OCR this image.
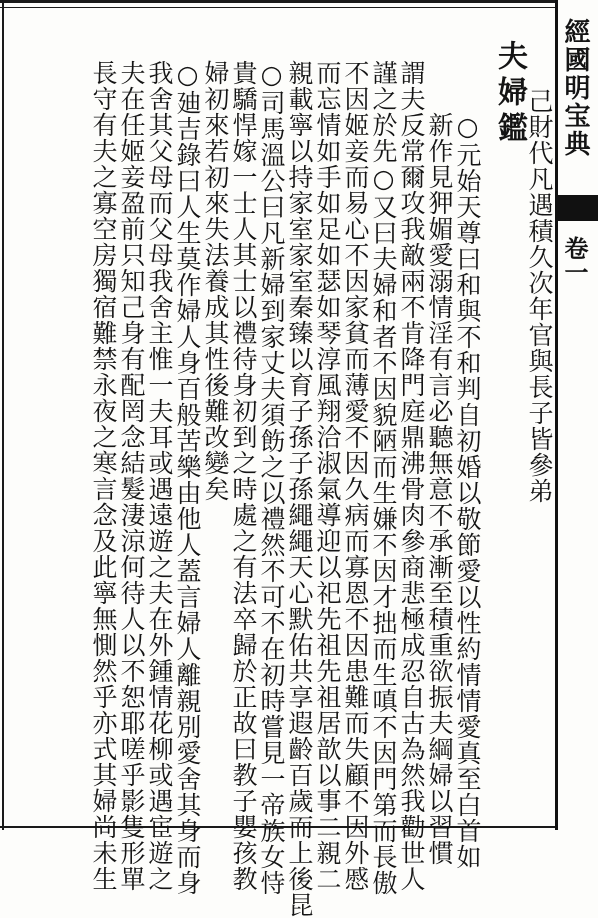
經國明宝典
卷一
己財代凡遇積久次年官與長子皆參弟
夫婦鑑
○元始天尊曰和與不和判自初婚以敬節愛以性約情情愛真至白首如
新作見狎媚愛溺情淫有言必聽無意不承漸至積重欲振夫綱婦以習慣
謂夫反常爾攻我敵兩不肯降門庭鼎沸骨肉參商悲極成忍自古為然我勸世人
謹之於先○又曰夫婦和者不因貌陋而生嫌不因才拙而生嗔不因門第而長傲
不因姬妾而易心不因家貧而薄愛不因久病而寡恩不因患難而失顧不因外慼
而忘情如手如足如瑟如琴淳風翔洽淑氣導迎以祀先祖先祖居歆以事二親二
親載寧以持家室家室秦臻以育子孫子孫繩繩天心默佑共享遐齡百歲而上後昆
○司馬溫公曰凡新婦到家丈夫須飭之以禮然不可不在初時嘗見一帝族女恃
貴驕悍嫁一士人其士以禮待身初到之時處之有法卒歸於正故曰教子嬰孩教
婦初來若初來失法養成其性後難改變矣
○廸吉錄曰人生莫作婦人身百般苦樂由他人蓋言婦人離親別愛舍其身而身
我舍其父母而父母我舍主惟一夫耳或遇遠遊之夫在外鍾情花柳或遇宦遊之
夫在任姬妾盈前只知己身有配罔念結髮淒涼何待人以不恕耶嗟乎影隻形單
長守有夫之寡空房獨宿難禁永夜之寒言念及此寧無惻然乎亦式其婦尚未生
